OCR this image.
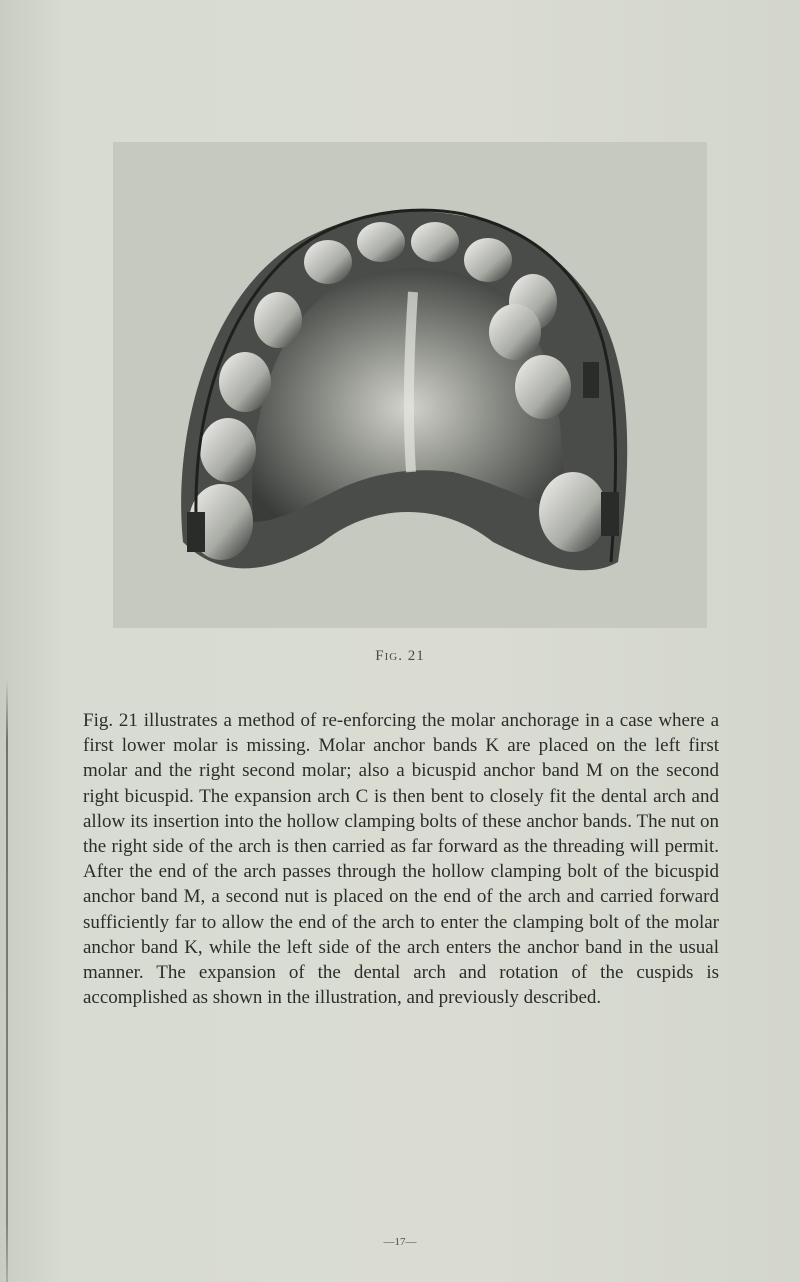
Fig. 21

Fig. 21 illustrates a method of re-enforcing the molar anchorage in a case where a first lower molar is missing. Molar anchor bands K are placed on the left first molar and the right second molar; also a bicuspid anchor band M on the second right bicuspid. The expansion arch C is then bent to closely fit the dental arch and allow its insertion into the hollow clamping bolts of these anchor bands. The nut on the right side of the arch is then carried as far forward as the threading will permit. After the end of the arch passes through the hollow clamping bolt of the bicuspid anchor band M, a second nut is placed on the end of the arch and carried forward sufficiently far to allow the end of the arch to enter the clamping bolt of the molar anchor band K, while the left side of the arch enters the anchor band in the usual manner. The expansion of the dental arch and rotation of the cuspids is accomplished as shown in the illustration, and previously described.

—17—
